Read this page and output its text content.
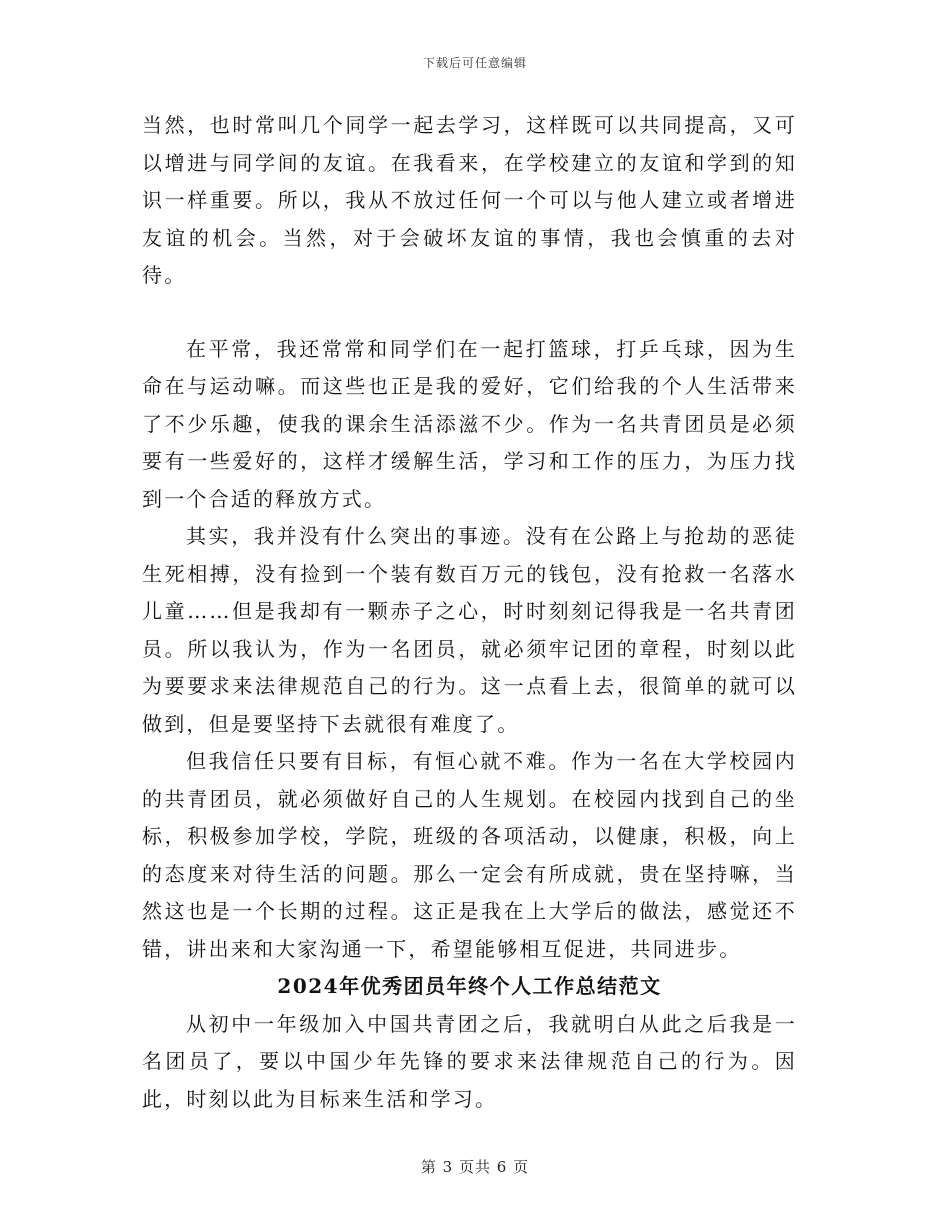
下载后可任意编辑

当然，也时常叫几个同学一起去学习，这样既可以共同提高，又可以增进与同学间的友谊。在我看来，在学校建立的友谊和学到的知识一样重要。所以，我从不放过任何一个可以与他人建立或者增进友谊的机会。当然，对于会破坏友谊的事情，我也会慎重的去对待。

在平常，我还常常和同学们在一起打篮球，打乒乓球，因为生命在与运动嘛。而这些也正是我的爱好，它们给我的个人生活带来了不少乐趣，使我的课余生活添滋不少。作为一名共青团员是必须要有一些爱好的，这样才缓解生活，学习和工作的压力，为压力找到一个合适的释放方式。

其实，我并没有什么突出的事迹。没有在公路上与抢劫的恶徒生死相搏，没有捡到一个装有数百万元的钱包，没有抢救一名落水儿童……但是我却有一颗赤子之心，时时刻刻记得我是一名共青团员。所以我认为，作为一名团员，就必须牢记团的章程，时刻以此为要要求来法律规范自己的行为。这一点看上去，很简单的就可以做到，但是要坚持下去就很有难度了。

但我信任只要有目标，有恒心就不难。作为一名在大学校园内的共青团员，就必须做好自己的人生规划。在校园内找到自己的坐标，积极参加学校，学院，班级的各项活动，以健康，积极，向上的态度来对待生活的问题。那么一定会有所成就，贵在坚持嘛，当然这也是一个长期的过程。这正是我在上大学后的做法，感觉还不错，讲出来和大家沟通一下，希望能够相互促进，共同进步。

2024年优秀团员年终个人工作总结范文

从初中一年级加入中国共青团之后，我就明白从此之后我是一名团员了，要以中国少年先锋的要求来法律规范自己的行为。因此，时刻以此为目标来生活和学习。

第 3 页共 6 页
